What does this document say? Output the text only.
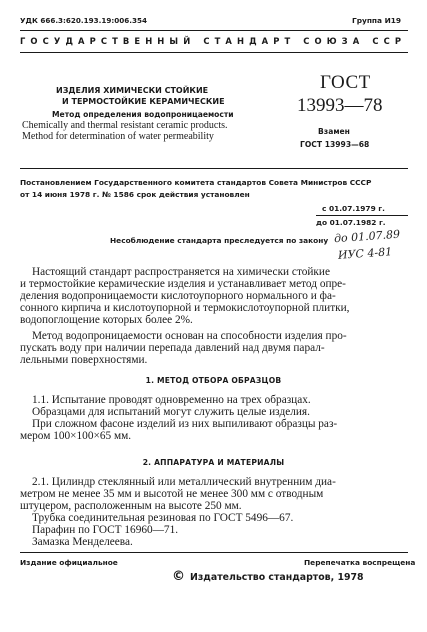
УДК 666.3:620.193.19:006.354	Группа И19
ГОСУДАРСТВЕННЫЙ СТАНДАРТ СОЮЗА ССР
ИЗДЕЛИЯ ХИМИЧЕСКИ СТОЙКИЕ
И ТЕРМОСТОЙКИЕ КЕРАМИЧЕСКИЕ
Метод определения водопроницаемости
Chemically and thermal resistant ceramic products.
Method for determination of water permeability
ГОСТ
13993—78
Взамен
ГОСТ 13993—68
Постановлением Государственного комитета стандартов Совета Министров СССР
от 14 июня 1978 г. № 1586 срок действия установлен
с 01.07.1979 г.
до 01.07.1982 г.
Несоблюдение стандарта преследуется по закону до 01.07.89
ИУС 4-81
Настоящий стандарт распространяется на химически стойкие
и термостойкие керамические изделия и устанавливает метод опре-
деления водопроницаемости кислотоупорного нормального и фа-
сонного кирпича и кислотоупорной и термокислотоупорной плитки,
водопоглощение которых более 2%.
Метод водопроницаемости основан на способности изделия про-
пускать воду при наличии перепада давлений над двумя парал-
лельными поверхностями.
1. МЕТОД ОТБОРА ОБРАЗЦОВ
1.1. Испытание проводят одновременно на трех образцах.
Образцами для испытаний могут служить целые изделия.
При сложном фасоне изделий из них выпиливают образцы раз-
мером 100×100×65 мм.
2. АППАРАТУРА И МАТЕРИАЛЫ
2.1. Цилиндр стеклянный или металлический внутренним диа-
метром не менее 35 мм и высотой не менее 300 мм с отводным
штуцером, расположенным на высоте 250 мм.
Трубка соединительная резиновая по ГОСТ 5496—67.
Парафин по ГОСТ 16960—71.
Замазка Менделеева.
Издание официальное	Перепечатка воспрещена
© Издательство стандартов, 1978
